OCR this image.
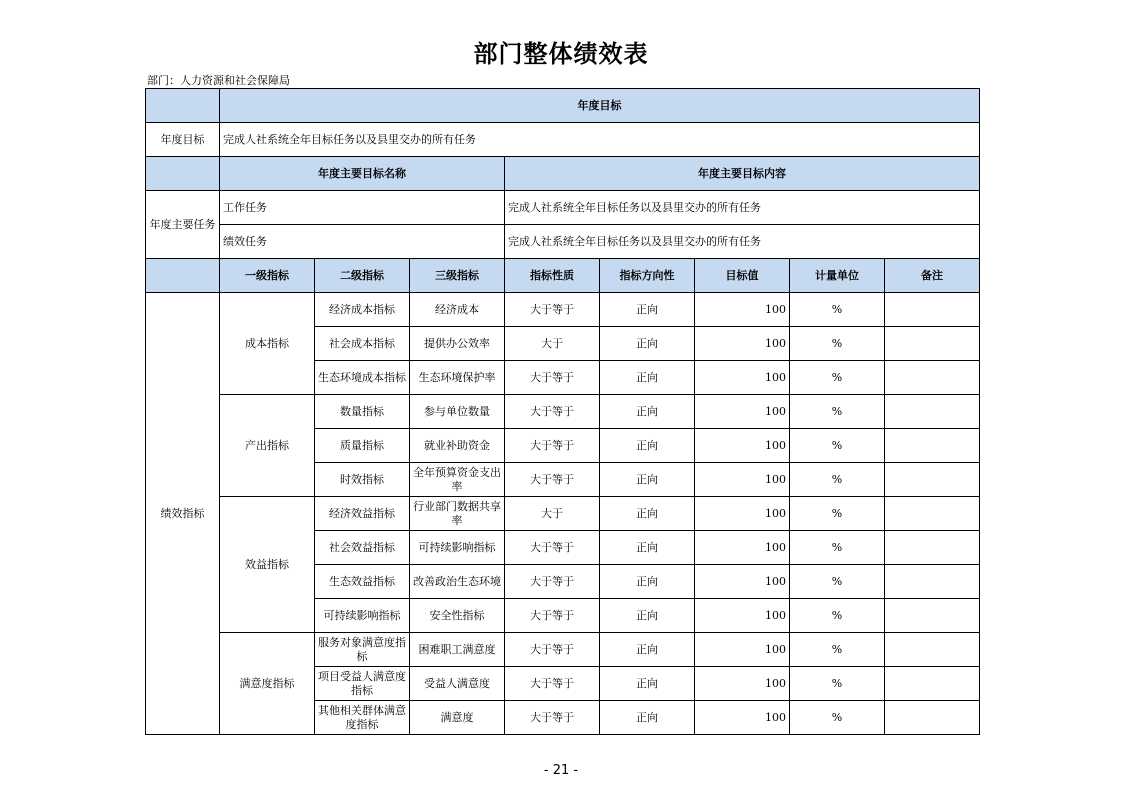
部门整体绩效表
部门：人力资源和社会保障局
	年度目标							
年度目标	完成人社系统全年目标任务以及县里交办的所有任务							
	年度主要目标名称			年度主要目标内容				
年度主要任务	工作任务			完成人社系统全年目标任务以及县里交办的所有任务				
	绩效任务			完成人社系统全年目标任务以及县里交办的所有任务				
	一级指标	二级指标	三级指标	指标性质	指标方向性	目标值	计量单位	备注
绩效指标	成本指标	经济成本指标	经济成本	大于等于	正向	100	%	
		社会成本指标	提供办公效率	大于	正向	100	%	
		生态环境成本指标	生态环境保护率	大于等于	正向	100	%	
	产出指标	数量指标	参与单位数量	大于等于	正向	100	%	
		质量指标	就业补助资金	大于等于	正向	100	%	
		时效指标	全年预算资金支出率	大于等于	正向	100	%	
	效益指标	经济效益指标	行业部门数据共享率	大于	正向	100	%	
		社会效益指标	可持续影响指标	大于等于	正向	100	%	
		生态效益指标	改善政治生态环境	大于等于	正向	100	%	
		可持续影响指标	安全性指标	大于等于	正向	100	%	
	满意度指标	服务对象满意度指标	困难职工满意度	大于等于	正向	100	%	
		项目受益人满意度指标	受益人满意度	大于等于	正向	100	%	
		其他相关群体满意度指标	满意度	大于等于	正向	100	%	
- 21 -
